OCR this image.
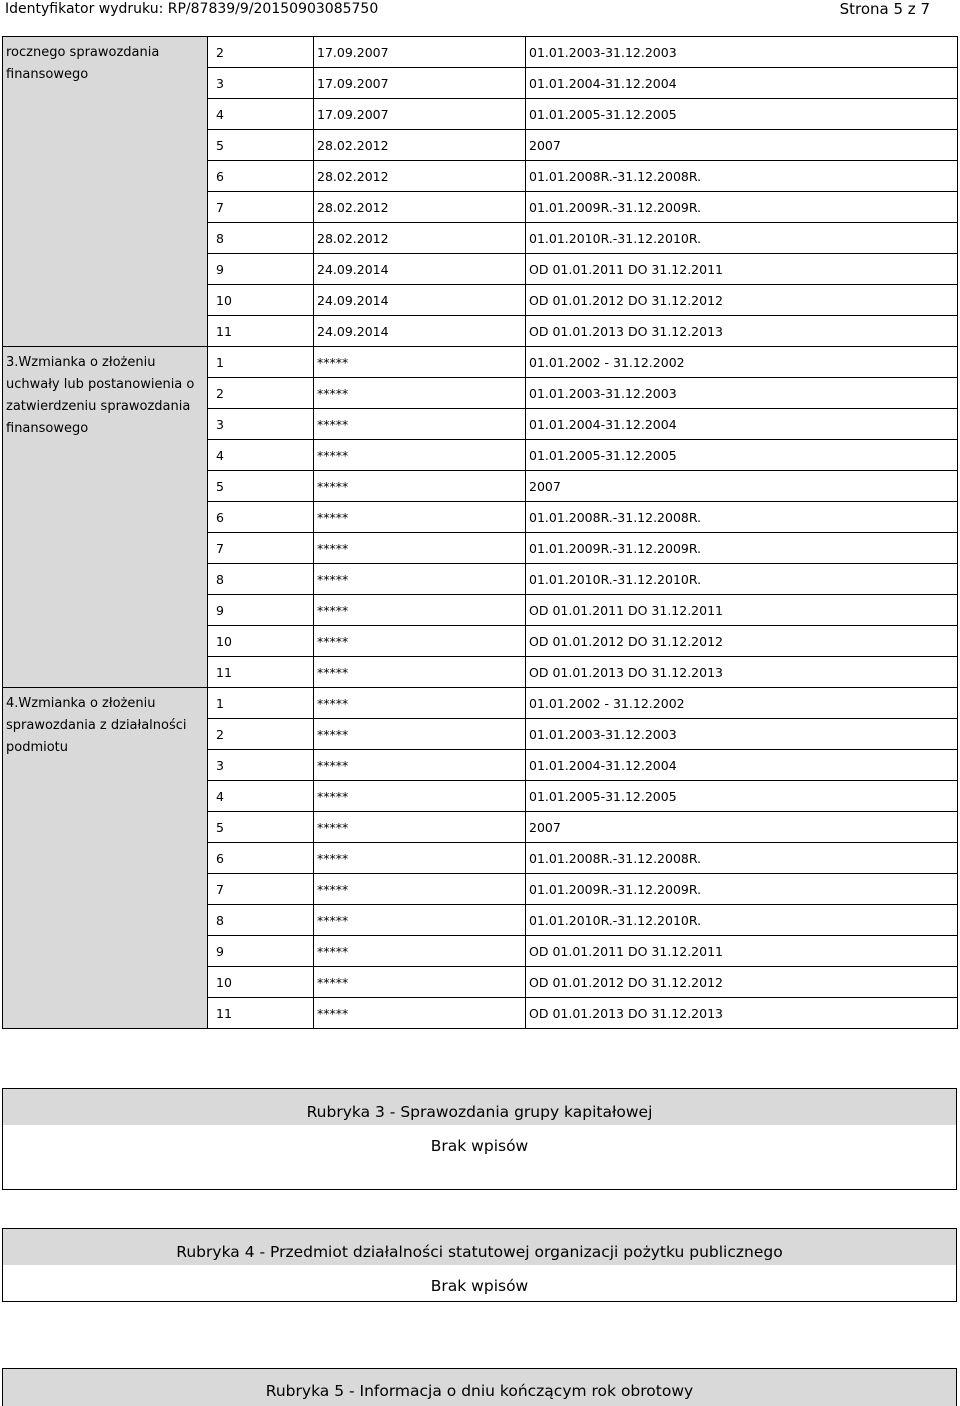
Identyfikator wydruku: RP/87839/9/20150903085750	Strona 5 z 7
rocznego sprawozdania finansowego	2	17.09.2007	01.01.2003-31.12.2003
	3	17.09.2007	01.01.2004-31.12.2004
	4	17.09.2007	01.01.2005-31.12.2005
	5	28.02.2012	2007
	6	28.02.2012	01.01.2008R.-31.12.2008R.
	7	28.02.2012	01.01.2009R.-31.12.2009R.
	8	28.02.2012	01.01.2010R.-31.12.2010R.
	9	24.09.2014	OD 01.01.2011 DO 31.12.2011
	10	24.09.2014	OD 01.01.2012 DO 31.12.2012
	11	24.09.2014	OD 01.01.2013 DO 31.12.2013
3.Wzmianka o złożeniu uchwały lub postanowienia o zatwierdzeniu sprawozdania finansowego	1	*****	01.01.2002 - 31.12.2002
	2	*****	01.01.2003-31.12.2003
	3	*****	01.01.2004-31.12.2004
	4	*****	01.01.2005-31.12.2005
	5	*****	2007
	6	*****	01.01.2008R.-31.12.2008R.
	7	*****	01.01.2009R.-31.12.2009R.
	8	*****	01.01.2010R.-31.12.2010R.
	9	*****	OD 01.01.2011 DO 31.12.2011
	10	*****	OD 01.01.2012 DO 31.12.2012
	11	*****	OD 01.01.2013 DO 31.12.2013
4.Wzmianka o złożeniu sprawozdania z działalności podmiotu	1	*****	01.01.2002 - 31.12.2002
	2	*****	01.01.2003-31.12.2003
	3	*****	01.01.2004-31.12.2004
	4	*****	01.01.2005-31.12.2005
	5	*****	2007
	6	*****	01.01.2008R.-31.12.2008R.
	7	*****	01.01.2009R.-31.12.2009R.
	8	*****	01.01.2010R.-31.12.2010R.
	9	*****	OD 01.01.2011 DO 31.12.2011
	10	*****	OD 01.01.2012 DO 31.12.2012
	11	*****	OD 01.01.2013 DO 31.12.2013
Rubryka 3 - Sprawozdania grupy kapitałowej
Brak wpisów
Rubryka 4 - Przedmiot działalności statutowej organizacji pożytku publicznego
Brak wpisów
Rubryka 5 - Informacja o dniu kończącym rok obrotowy
